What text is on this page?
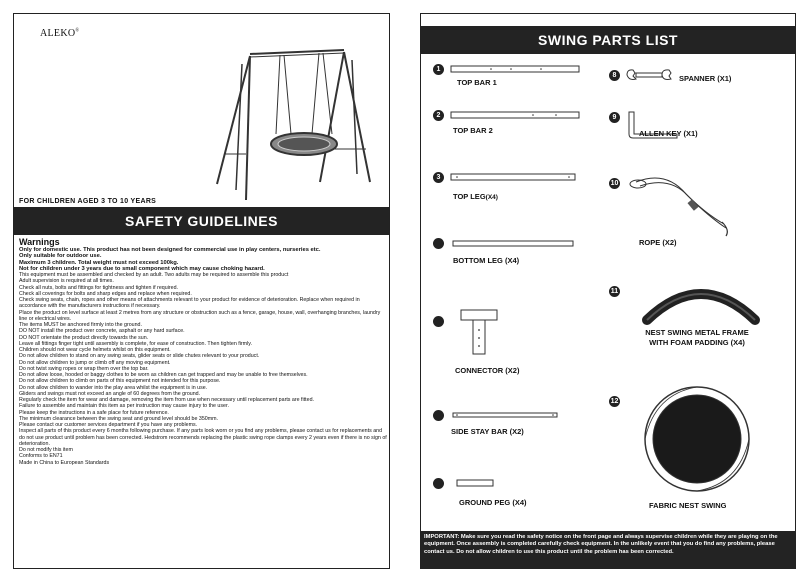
ALEKO®
FOR CHILDREN AGED 3 TO 10 YEARS
SAFETY GUIDELINES
Warnings
Only for domestic use. This product has not been designed for commercial use in play centers, nurseries etc.
Only suitable for outdoor use.
Maximum 3 children. Total weight must not exceed 100kg.
Not for children under 3 years due to small component which may cause choking hazard.
This equipment must be assembled and checked by an adult. Two adults may be required to assemble this product
Adult supervision is required at all times.
Check all nuts, bolts and fittings for tightness and tighten if required.
Check all coverings for bolts and sharp edges and replace when required.
Check swing seats, chain, ropes and other means of attachments relevant to your product for evidence of deterioration. Replace when required in accordance with the manufacturers instructions if necessary.
Place the product on level surface at least 2 metres from any structure or obstruction such as a fence, garage, house, wall, overhanging branches, laundry line or electrical wires.
The items MUST be anchored firmly into the ground.
DO NOT install the product over concrete, asphalt or any hard surface.
DO NOT orientate the product directly towards the sun.
Leave all fittings finger tight until assembly is complete, for ease of construction. Then tighten firmly.
Children should not wear cycle helmets whilst on this equipment.
Do not allow children to stand on any swing seats, glider seats or slide chutes relevant to your product.
Do not allow children to jump or climb off any moving equipment.
Do not twist swing ropes or wrap them over the top bar.
Do not allow loose, hooded or baggy clothes to be worn as children can get trapped and may be unable to free themselves.
Do not allow children to climb on parts of this equipment not intended for this purpose.
Do not allow children to wander into the play area whilst the equipment is in use.
Gliders and swings must not exceed an angle of 60 degrees from the ground.
Regularly check the item for wear and damage, removing the item from use when necessary until replacement parts are fitted.
Failure to assemble and maintain this item as per instruction may cause injury to the user.
Please keep the instructions in a safe place for future reference.
The minimum clearance between the swing seat and ground level should be 350mm.
Please contact our customer services department if you have any problems.
Inspect all parts of this product every 6 months following purchase. If any parts look worn or you find any problems, please contact us for replacements and do not use product until problem has been corrected. Hedstrom recommends replacing the plastic swing rope clamps every 2 years even if there is no sign of deterioration.
Do not modify this item
Conforms to EN71
Made in China to European Standards
SWING PARTS LIST
1
TOP BAR 1
2
TOP BAR 2
3
TOP LEG(X4)
BOTTOM LEG (X4)
CONNECTOR (X2)
SIDE STAY BAR (X2)
GROUND PEG (X4)
8	SPANNER (X1)
9
ALLEN KEY (X1)
10
ROPE (X2)
11
NEST SWING METAL FRAME
WITH FOAM PADDING (X4)
12
FABRIC NEST SWING
IMPORTANT: Make sure you read the safety notice on the front page and always supervise children while they are playing on the equipment. Once assembly is completed carefully check equipment. In the unlikely event that you do find any problems, please contact us. Do not allow children to use this product until the problem has been corrected.
